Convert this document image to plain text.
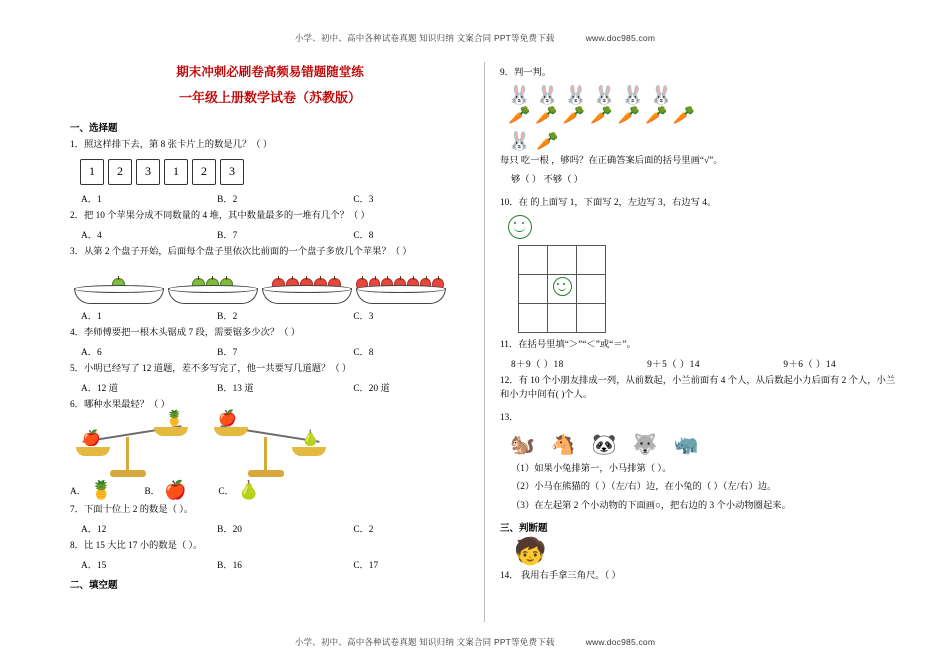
小学、初中、高中各种试卷真题 知识归纳 文案合同 PPT等免费下载	www.doc985.com
期末冲刺必刷卷高频易错题随堂练
一年级上册数学试卷（苏教版）
一、选择题
1．照这样排下去，第 8 张卡片上的数是几？（ ）
1	2	3	1	2	3
A．1	B．2	C．3
2．把 10 个苹果分成不同数量的 4 堆，其中数量最多的一堆有几个？（ ）
A．4	B．7	C．8
3．从第 2 个盘子开始，后面每个盘子里依次比前面的一个盘子多放几个苹果？（ ）
A．1	B．2	C．3
4．李师傅要把一根木头锯成 7 段，需要锯多少次？（ ）
A．6	B．7	C．8
5．小明已经写了 12 道题，差不多写完了，他一共要写几道题？（ ）
A．12 道	B．13 道	C．20 道
6．哪种水果最轻？（ ）
🍎
🍍 🍎
🍐
A． 🍍	B． 🍎	C． 🍐
7．下面十位上 2 的数是（ ）。
A．12	B．20	C．2
8．比 15 大比 17 小的数是（ ）。
A．15	B．16	C．17
二、填空题
9．判一判。
🐰 🐰 🐰 🐰 🐰 🐰
🥕 🥕 🥕 🥕 🥕 🥕 🥕
🐰 🥕
每只 吃一根 ，够吗？在正确答案后面的括号里画“√”。
够（ ） 不够（ ）
10．在 的上面写 1，下面写 2，左边写 3，右边写 4。

11．在括号里填“＞”“＜”或“＝”。
8＋9（ ）18	9＋5（ ）14	9＋6（ ）14
12．有 10 个小朋友排成一列，从前数起，小兰前面有 4 个人，从后数起小力后面有 2 个人，小兰和小力中间有( )个人。
13．
🐿️ 🐴 🐼 🐺 🦏
（1）如果小兔排第一，小马排第（ ）。
（2）小马在熊猫的（ ）（左/右）边，在小兔的（ ）（左/右）边。
（3）在左起第 2 个小动物的下面画○，把右边的 3 个小动物圈起来。
三、判断题
🧒
14． 我用右手拿三角尺。（ ）
小学、初中、高中各种试卷真题 知识归纳 文案合同 PPT等免费下载	www.doc985.com
